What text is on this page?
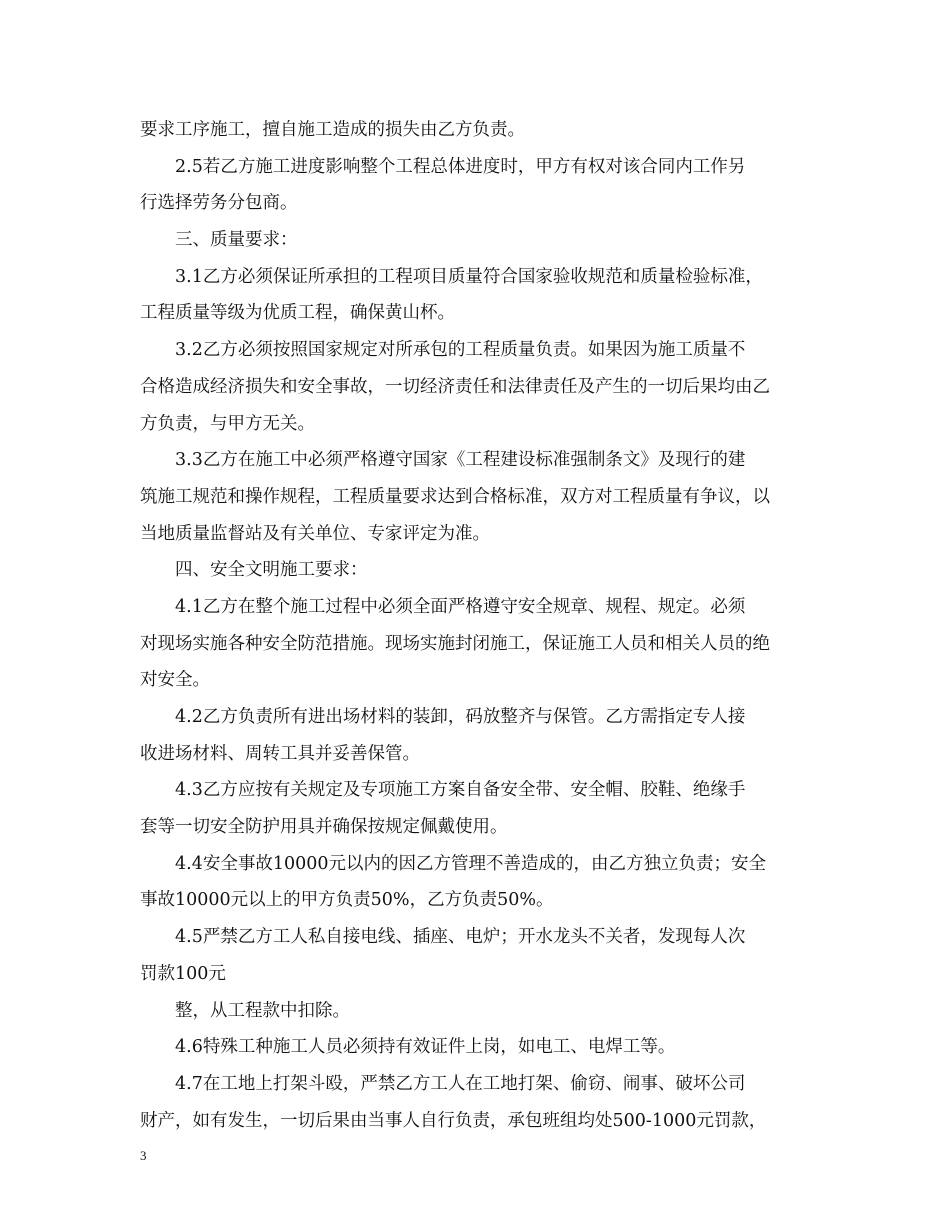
要求工序施工，擅自施工造成的损失由乙方负责。
2.5若乙方施工进度影响整个工程总体进度时，甲方有权对该合同内工作另
行选择劳务分包商。
三、质量要求：
3.1乙方必须保证所承担的工程项目质量符合国家验收规范和质量检验标准，
工程质量等级为优质工程，确保黄山杯。
3.2乙方必须按照国家规定对所承包的工程质量负责。如果因为施工质量不
合格造成经济损失和安全事故，一切经济责任和法律责任及产生的一切后果均由乙
方负责，与甲方无关。
3.3乙方在施工中必须严格遵守国家《工程建设标准强制条文》及现行的建
筑施工规范和操作规程，工程质量要求达到合格标准，双方对工程质量有争议，以
当地质量监督站及有关单位、专家评定为准。
四、安全文明施工要求：
4.1乙方在整个施工过程中必须全面严格遵守安全规章、规程、规定。必须
对现场实施各种安全防范措施。现场实施封闭施工，保证施工人员和相关人员的绝
对安全。
4.2乙方负责所有进出场材料的装卸，码放整齐与保管。乙方需指定专人接
收进场材料、周转工具并妥善保管。
4.3乙方应按有关规定及专项施工方案自备安全带、安全帽、胶鞋、绝缘手
套等一切安全防护用具并确保按规定佩戴使用。
4.4安全事故10000元以内的因乙方管理不善造成的，由乙方独立负责；安全
事故10000元以上的甲方负责50%，乙方负责50%。
4.5严禁乙方工人私自接电线、插座、电炉；开水龙头不关者，发现每人次
罚款100元
整，从工程款中扣除。
4.6特殊工种施工人员必须持有效证件上岗，如电工、电焊工等。
4.7在工地上打架斗殴，严禁乙方工人在工地打架、偷窃、闹事、破坏公司
财产，如有发生，一切后果由当事人自行负责，承包班组均处500-1000元罚款，
3
